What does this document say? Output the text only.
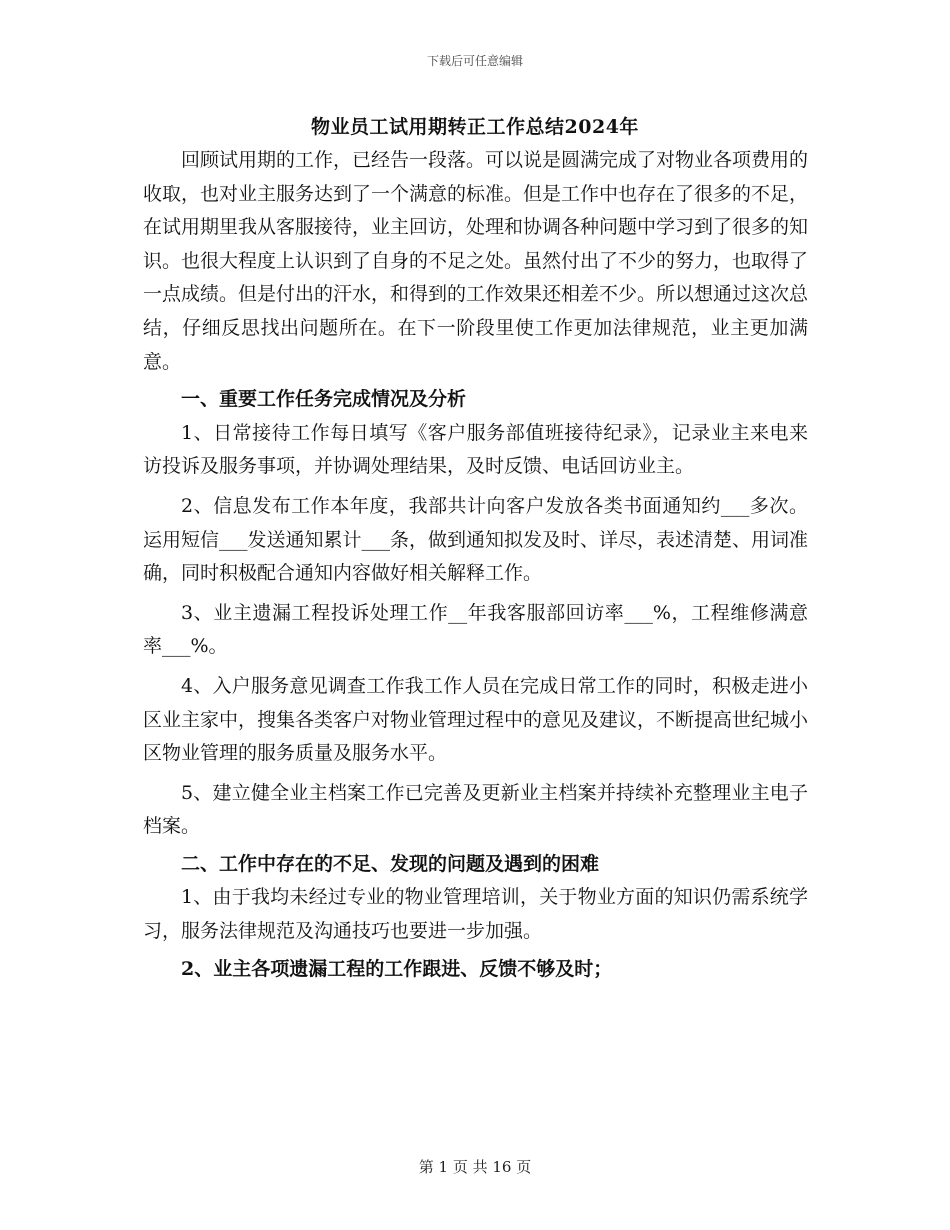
下载后可任意编辑
物业员工试用期转正工作总结2024年

回顾试用期的工作，已经告一段落。可以说是圆满完成了对物业各项费用的收取，也对业主服务达到了一个满意的标准。但是工作中也存在了很多的不足，在试用期里我从客服接待，业主回访，处理和协调各种问题中学习到了很多的知识。也很大程度上认识到了自身的不足之处。虽然付出了不少的努力，也取得了一点成绩。但是付出的汗水，和得到的工作效果还相差不少。所以想通过这次总结，仔细反思找出问题所在。在下一阶段里使工作更加法律规范，业主更加满意。

一、重要工作任务完成情况及分析

1、日常接待工作每日填写《客户服务部值班接待纪录》，记录业主来电来访投诉及服务事项，并协调处理结果，及时反馈、电话回访业主。

2、信息发布工作本年度，我部共计向客户发放各类书面通知约___多次。运用短信___发送通知累计___条，做到通知拟发及时、详尽，表述清楚、用词准确，同时积极配合通知内容做好相关解释工作。

3、业主遗漏工程投诉处理工作__年我客服部回访率___%，工程维修满意率___%。

4、入户服务意见调查工作我工作人员在完成日常工作的同时，积极走进小区业主家中，搜集各类客户对物业管理过程中的意见及建议，不断提高世纪城小区物业管理的服务质量及服务水平。

5、建立健全业主档案工作已完善及更新业主档案并持续补充整理业主电子档案。

二、工作中存在的不足、发现的问题及遇到的困难

1、由于我均未经过专业的物业管理培训，关于物业方面的知识仍需系统学习，服务法律规范及沟通技巧也要进一步加强。

2、业主各项遗漏工程的工作跟进、反馈不够及时；

第 1 页 共 16 页
